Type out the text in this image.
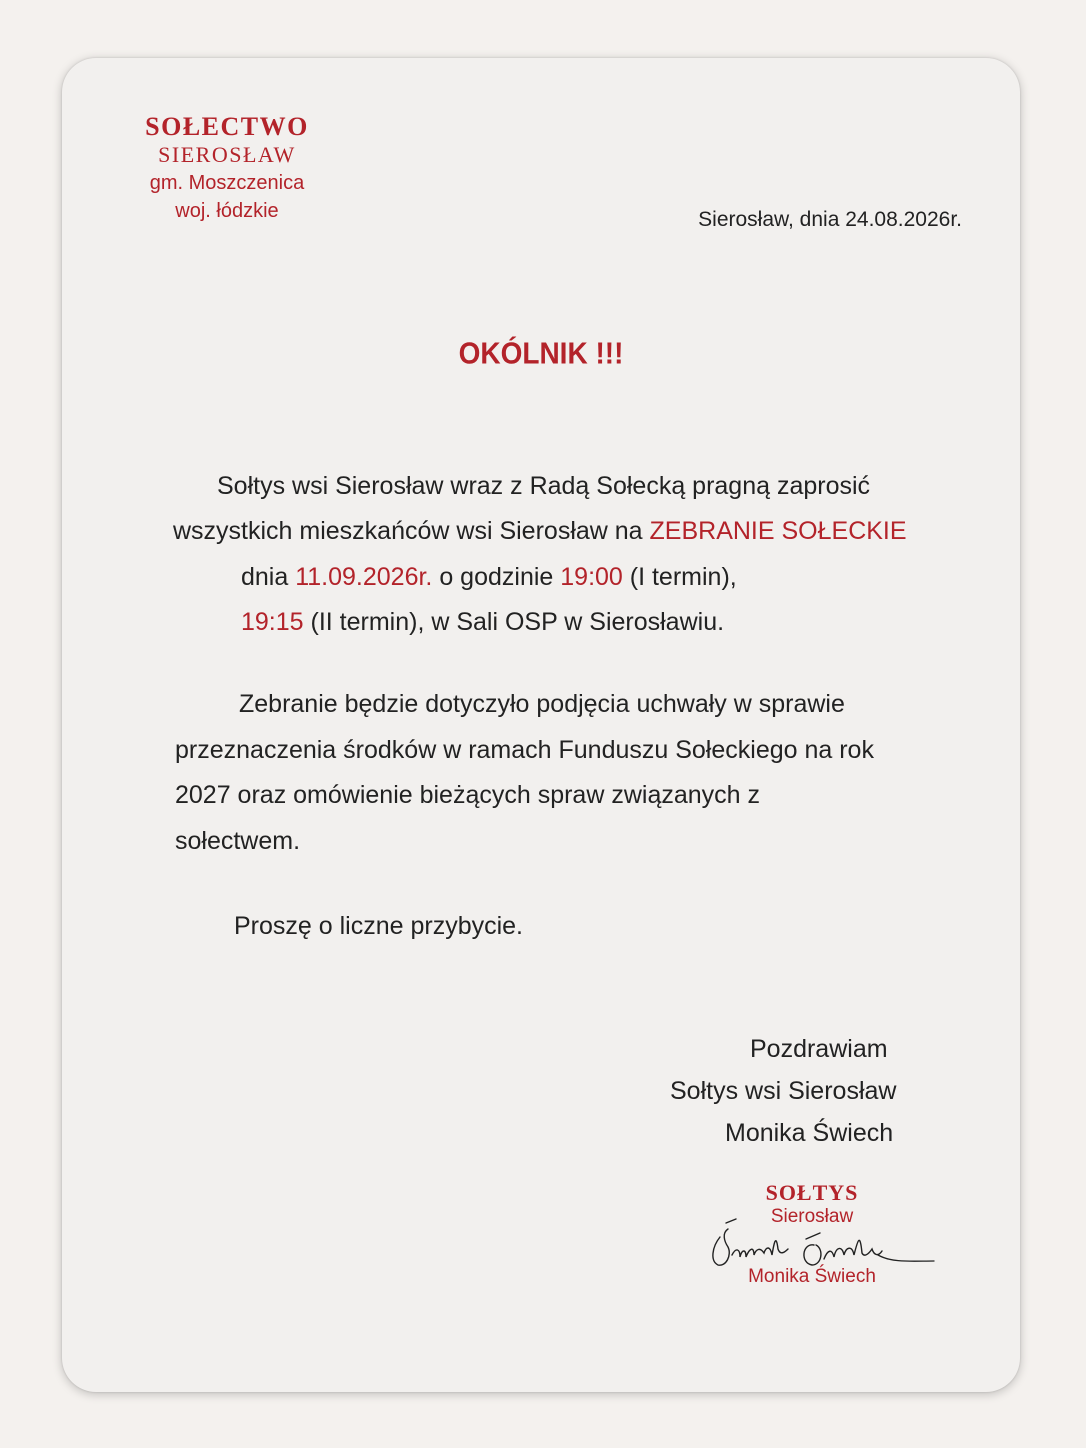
SOŁECTWO
SIEROSŁAW
gm. Moszczenica
woj. łódzkie	Sierosław, dnia 24.08.2026r.
OKÓLNIK !!!
Sołtys wsi Sierosław wraz z Radą Sołecką pragną zaprosić
wszystkich mieszkańców wsi Sierosław na ZEBRANIE SOŁECKIE
dnia 11.09.2026r. o godzinie 19:00 (I termin),
19:15 (II termin), w Sali OSP w Sierosławiu.
Zebranie będzie dotyczyło podjęcia uchwały w sprawie
przeznaczenia środków w ramach Funduszu Sołeckiego na rok
2027 oraz omówienie bieżących spraw związanych z
sołectwem.
Proszę o liczne przybycie.
Pozdrawiam
Sołtys wsi Sierosław
Monika Świech
SOŁTYS
Sierosław
Monika Świech
